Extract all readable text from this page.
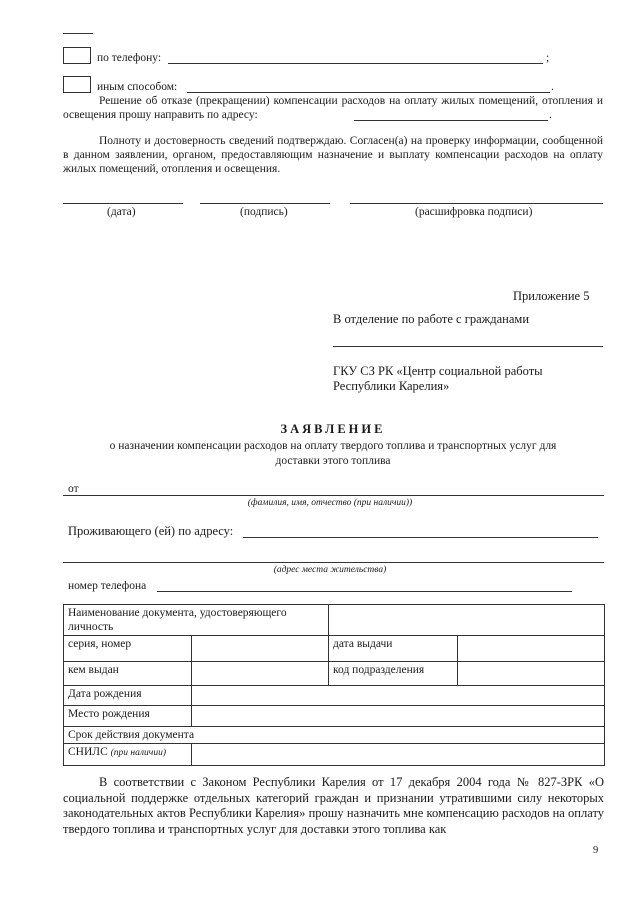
по телефону:	;
иным способом:	.
Решение об отказе (прекращении) компенсации расходов на оплату жилых помещений, отопления и освещения прошу направить по адресу:	.
Полноту и достоверность сведений подтверждаю. Согласен(а) на проверку информации, сообщенной в данном заявлении, органом, предоставляющим назначение и выплату компенсации расходов на оплату жилых помещений, отопления и освещения.
(дата)	(подпись)	(расшифровка подписи)
Приложение 5
В отделение по работе с гражданами
ГКУ СЗ РК «Центр социальной работы
Республики Карелия»
ЗАЯВЛЕНИЕ
о назначении компенсации расходов на оплату твердого топлива и транспортных услуг для
доставки этого топлива
от
(фамилия, имя, отчество (при наличии))
Проживающего (ей) по адресу:
(адрес места жительства)
номер телефона
Наименование документа, удостоверяющего личность			
серия, номер		дата выдачи	
кем выдан		код подразделения	
Дата рождения			
Место рождения			
Срок действия документа			
СНИЛС (при наличии)			
В соответствии с Законом Республики Карелия от 17 декабря 2004 года № 827-ЗРК «О социальной поддержке отдельных категорий граждан и признании утратившими силу некоторых законодательных актов Республики Карелия» прошу назначить мне компенсацию расходов на оплату твердого топлива и транспортных услуг для доставки этого топлива как
9
